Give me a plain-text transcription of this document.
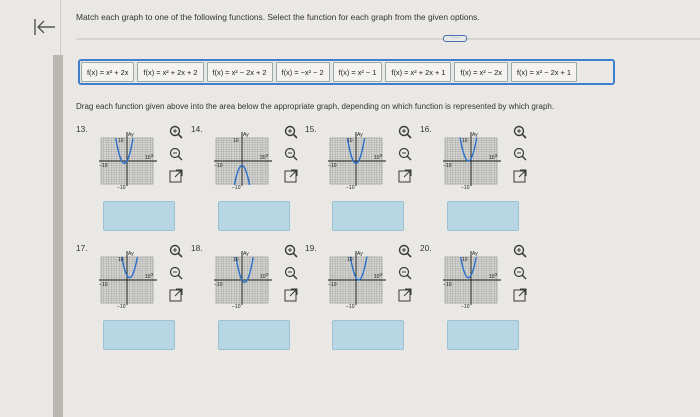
Match each graph to one of the following functions. Select the function for each graph from the given options.
·····
f(x) = x² + 2x	f(x) = x² + 2x + 2	f(x) = x² − 2x + 2	f(x) = −x² − 2	f(x) = x² − 1	f(x) = x² + 2x + 1	f(x) = x² − 2x	f(x) = x² − 2x + 1
Drag each function given above into the area below the appropriate graph, depending on which function is represented by which graph.
13.
Ay
10
10
−10
−10
x
14.
Ay
10
20
−10
−10
x
15.
Ay
10
10
−10
−10
x
16.
Ay
10
10
−10
−10
x
17.
Ay
10
10
−10
−10
x
18.
Ay
10
10
−10
−10
x
19.
Ay
10
10
−10
−10
x
20.
Ay
10
10
−10
−10
x
